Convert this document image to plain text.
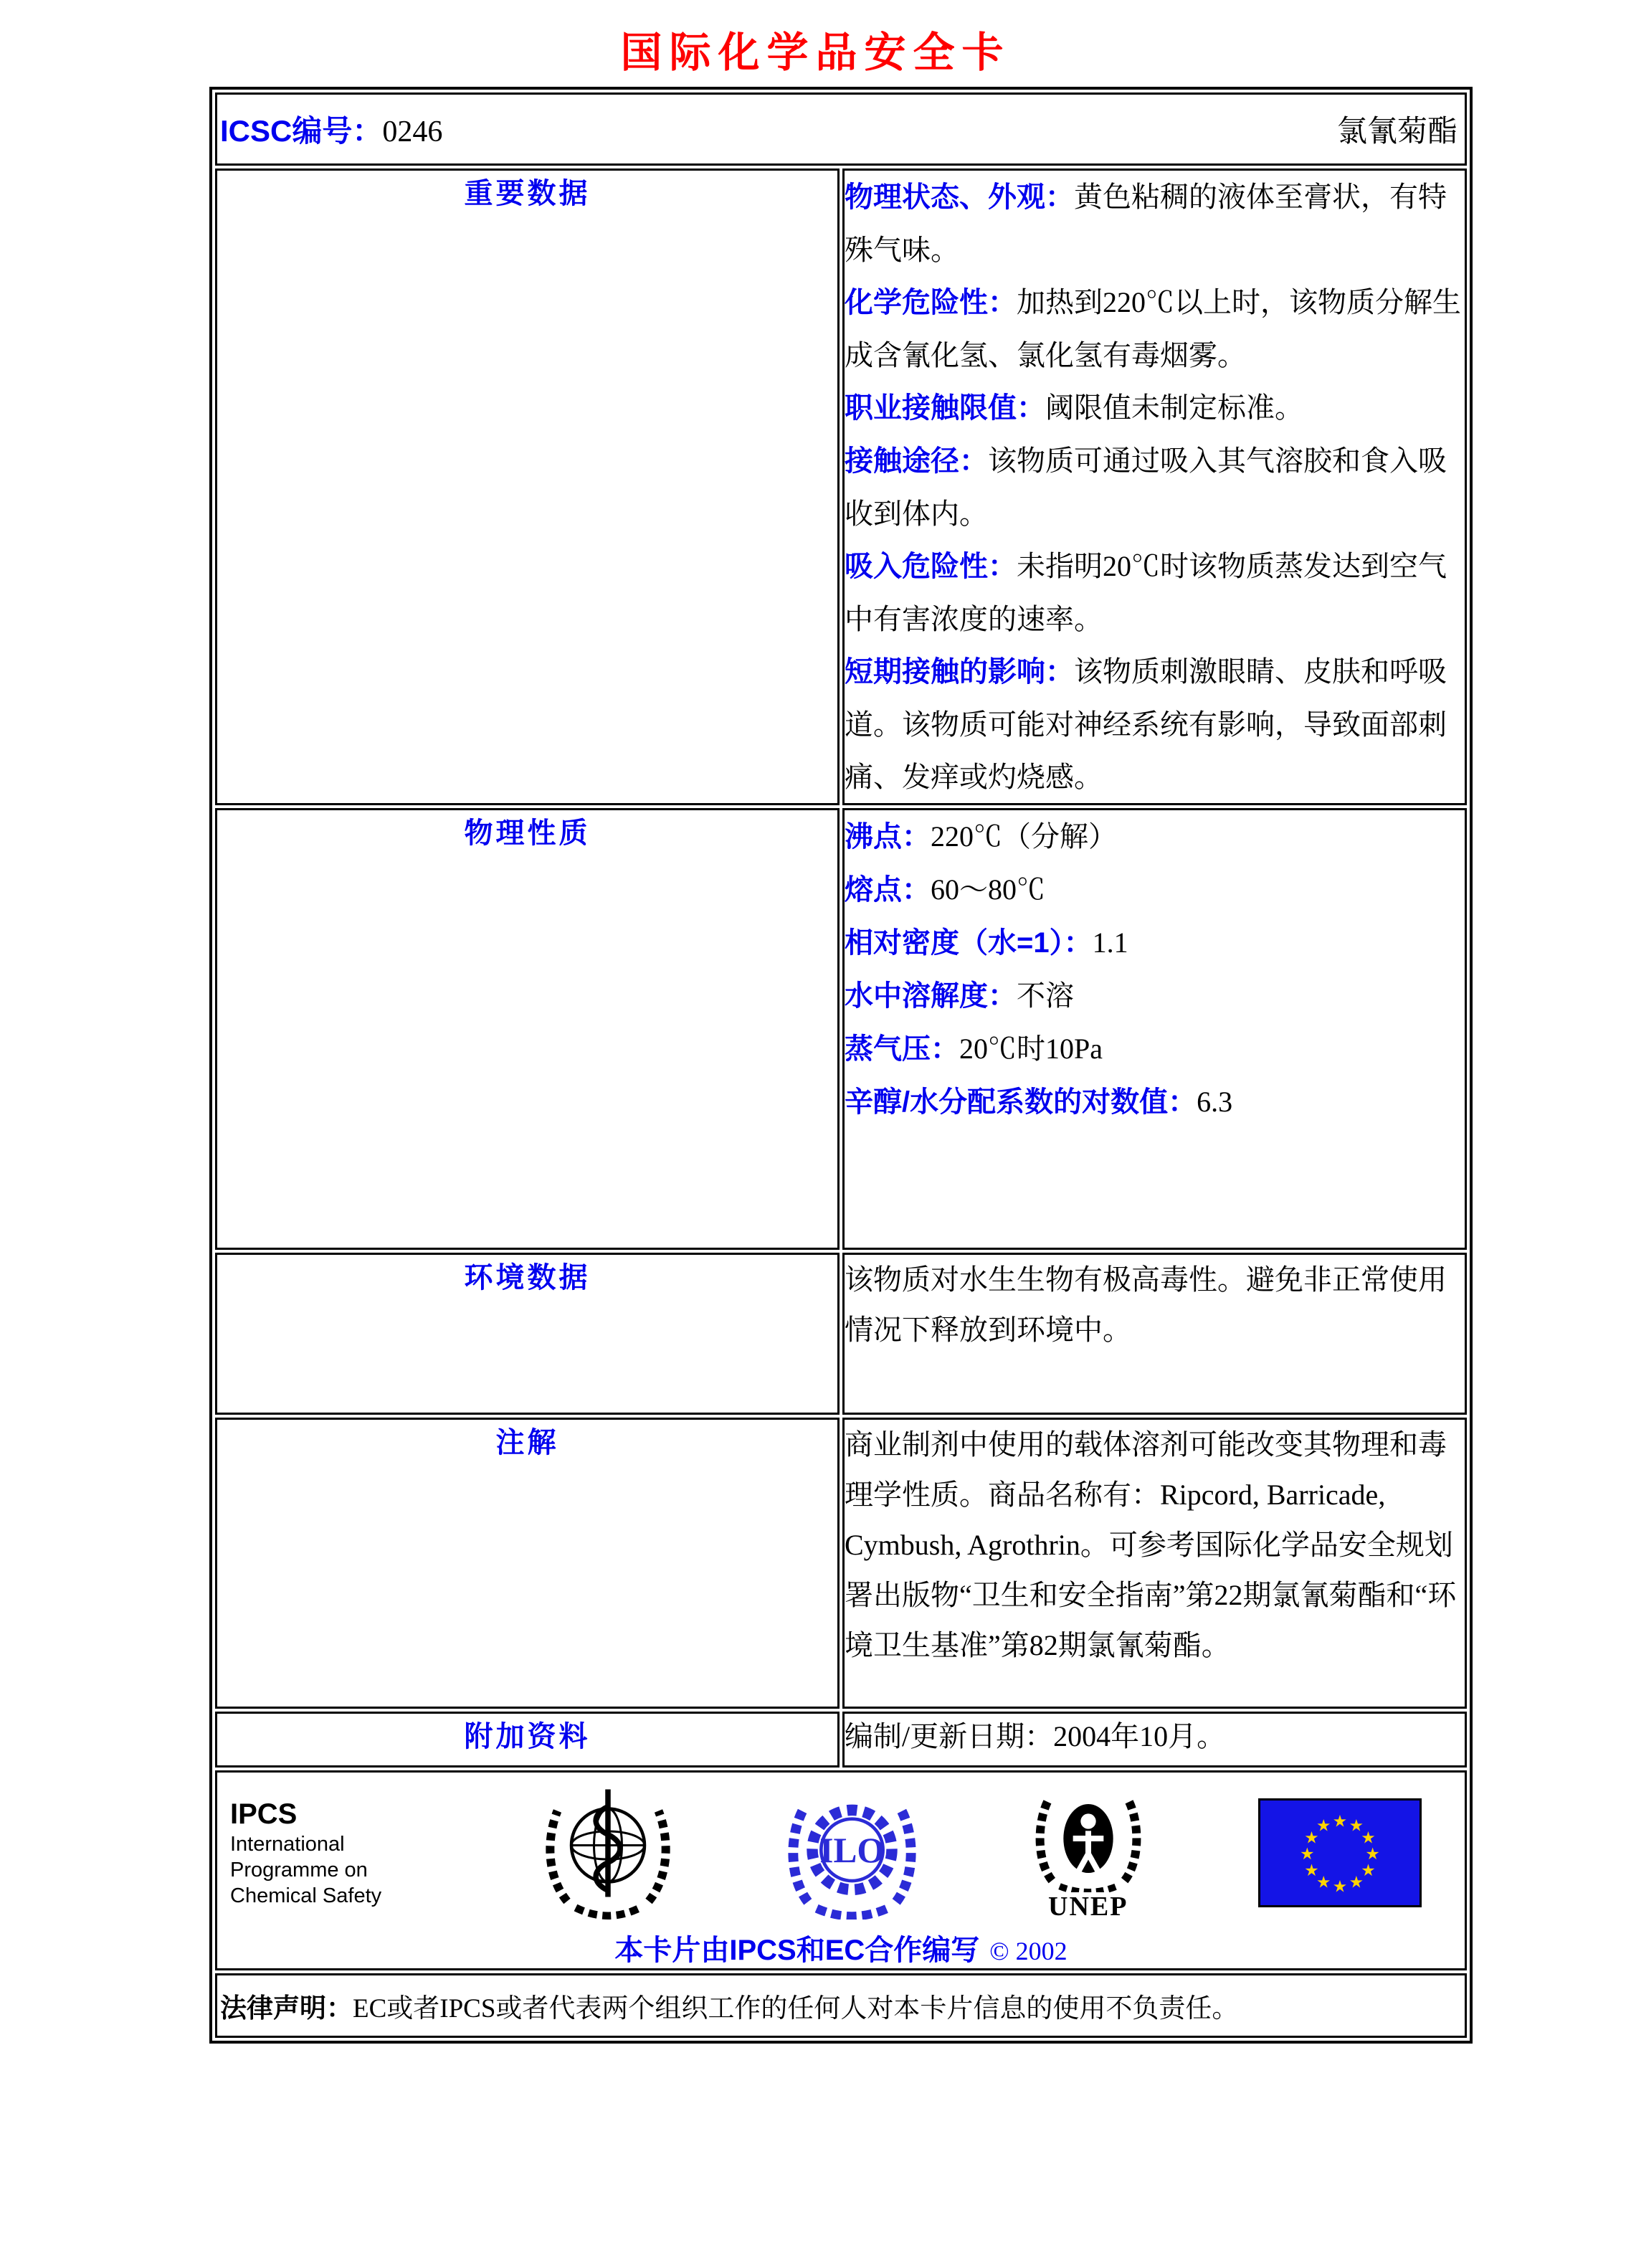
国际化学品安全卡
ICSC编号：0246 氯氰菊酯	

重要数据	物理状态、外观：黄色粘稠的液体至膏状，有特殊气味。
化学危险性：加热到220℃以上时，该物质分解生成含氰化氢、氯化氢有毒烟雾。
职业接触限值：阈限值未制定标准。
接触途径：该物质可通过吸入其气溶胶和食入吸收到体内。
吸入危险性：未指明20℃时该物质蒸发达到空气中有害浓度的速率。
短期接触的影响：该物质刺激眼睛、皮肤和呼吸道。该物质可能对神经系统有影响，导致面部刺痛、发痒或灼烧感。

物理性质	沸点：220℃（分解）
熔点：60～80℃
相对密度（水=1）：1.1
水中溶解度：不溶
蒸气压：20℃时10Pa
辛醇/水分配系数的对数值：6.3

环境数据	该物质对水生生物有极高毒性。避免非正常使用情况下释放到环境中。

注解	商业制剂中使用的载体溶剂可能改变其物理和毒理学性质。商品名称有：Ripcord, Barricade, Cymbush, Agrothrin。可参考国际化学品安全规划署出版物“卫生和安全指南”第22期氯氰菊酯和“环境卫生基准”第82期氯氰菊酯。

附加资料	编制/更新日期：2004年10月。

IPCS
International
Programme on
Chemical Safety
ILO
UNEP
★ ★
★
★
★
★
★
★
★
★
★
★
本卡片由IPCS和EC合作编写 © 2002

法律声明： EC或者IPCS或者代表两个组织工作的任何人对本卡片信息的使用不负责任。	
